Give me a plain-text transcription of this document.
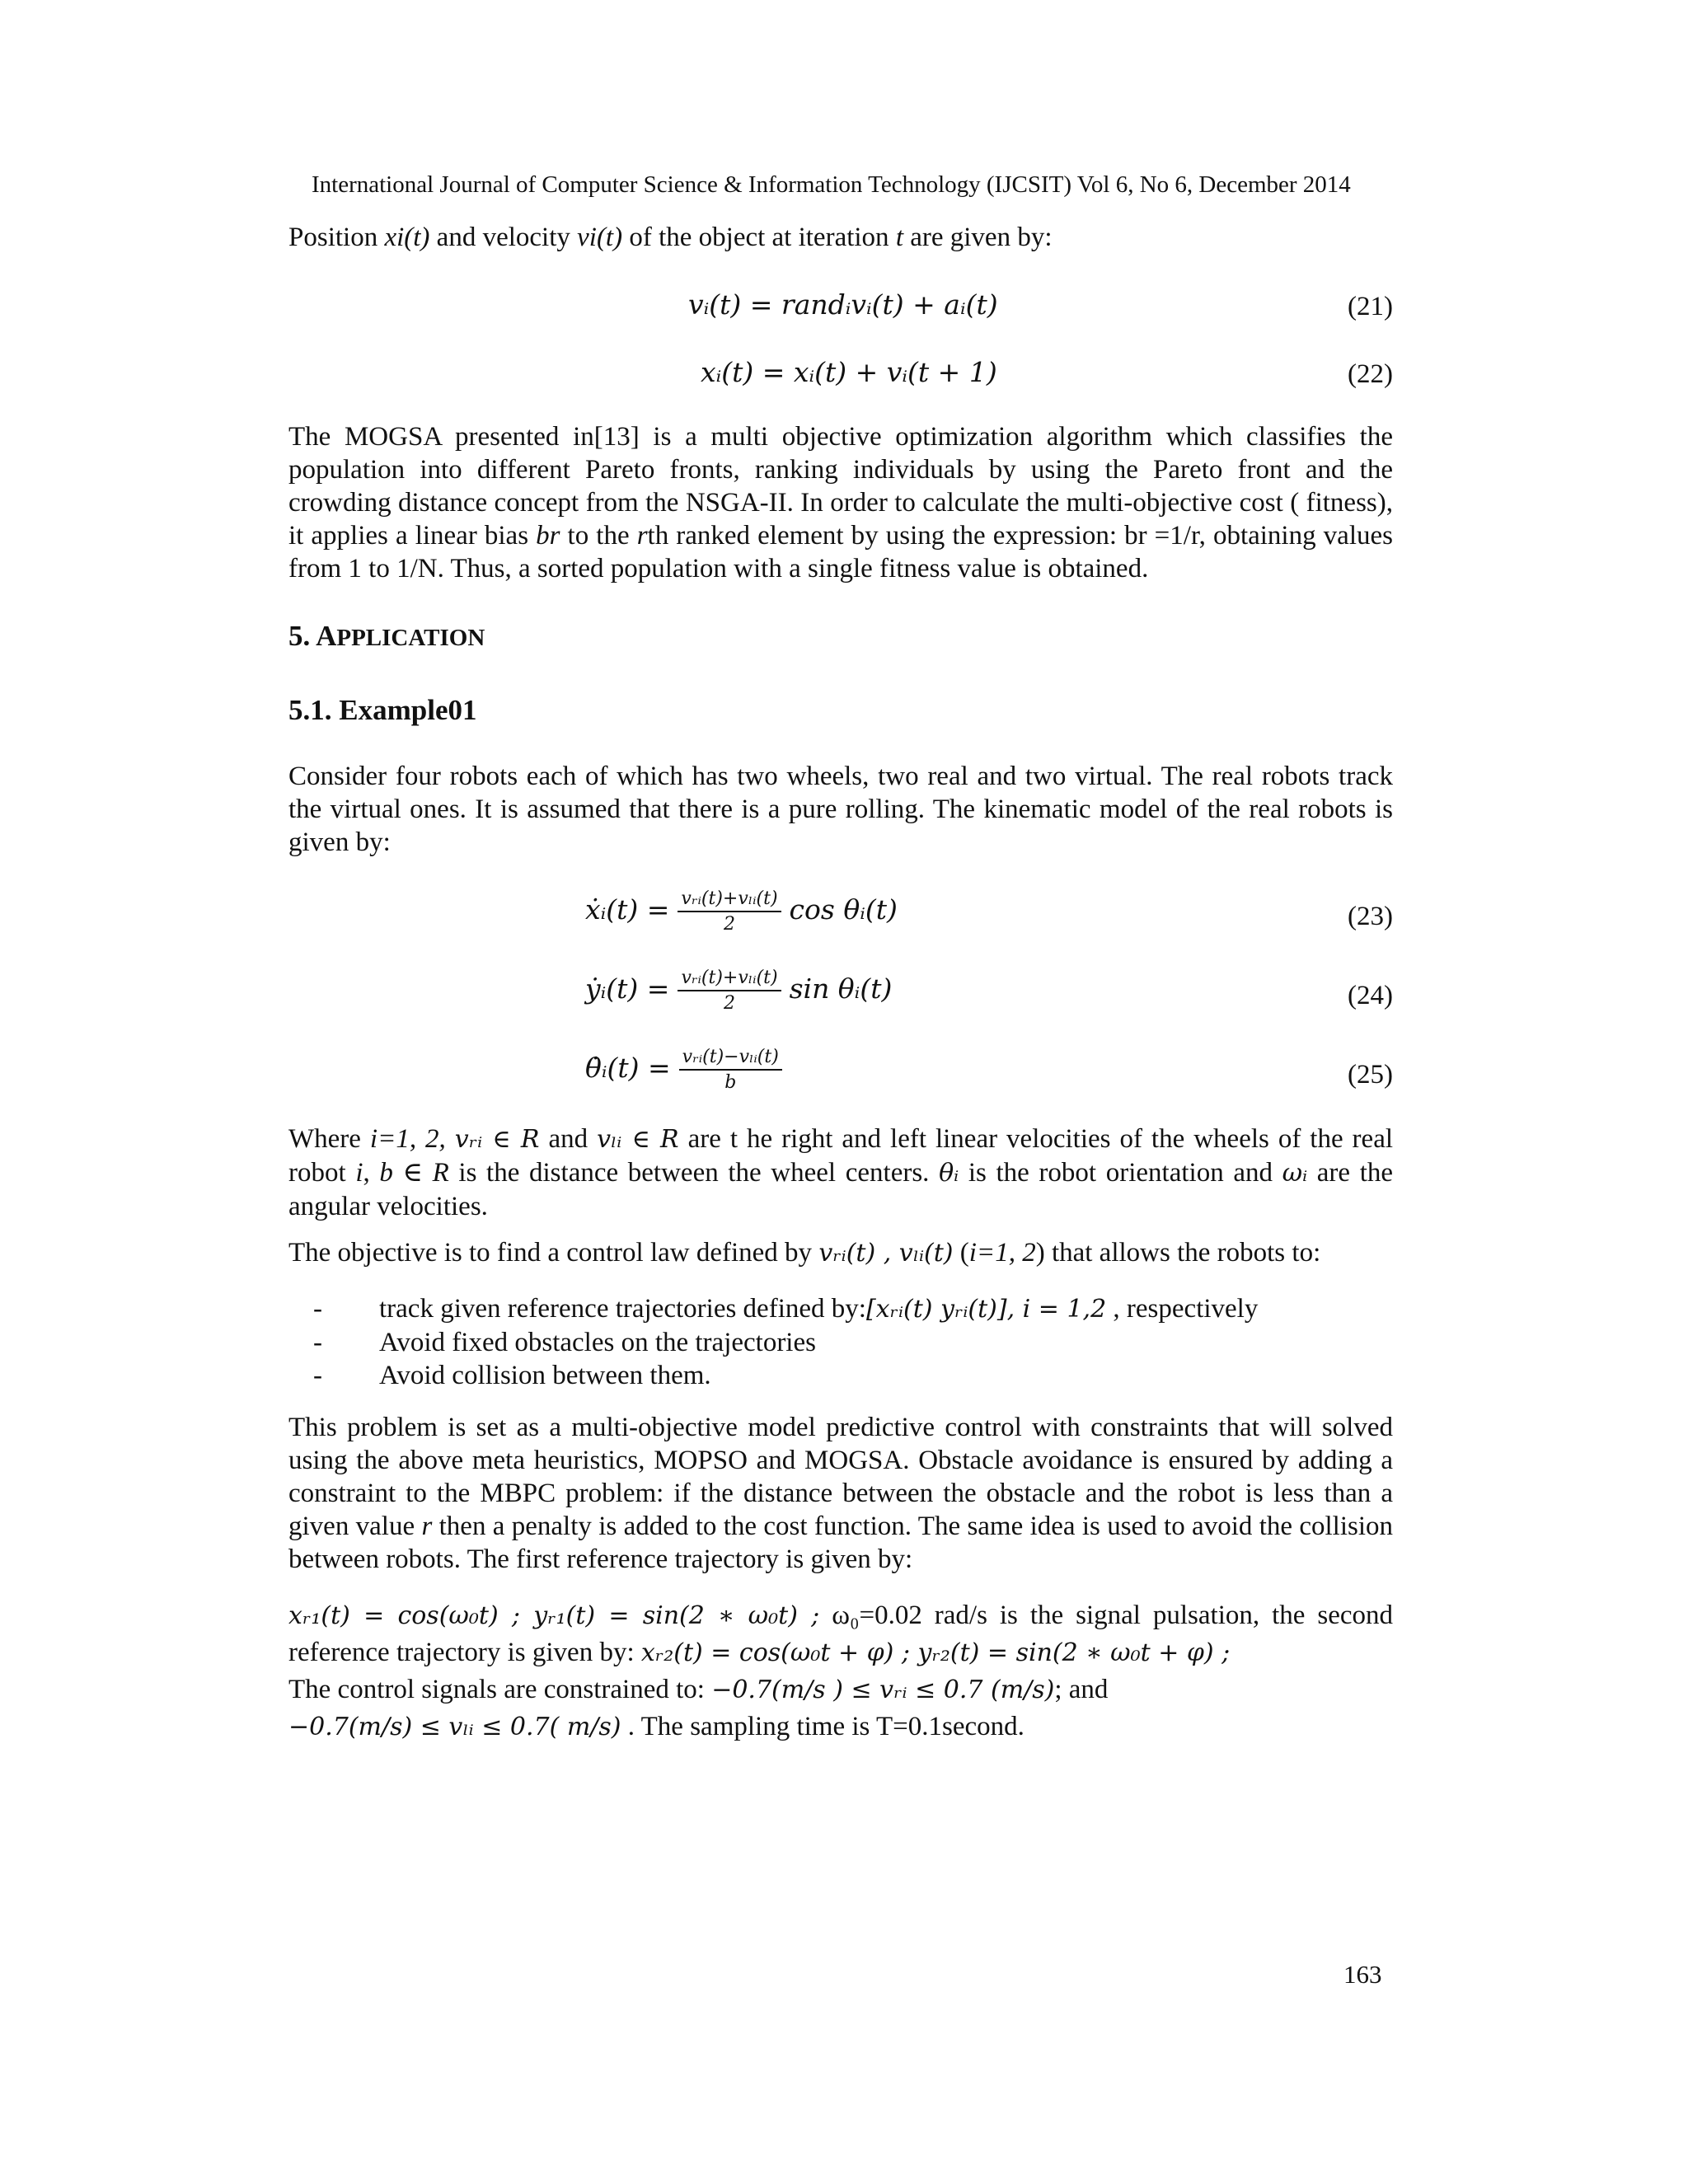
International Journal of Computer Science & Information Technology (IJCSIT) Vol 6, No 6, December 2014
Position xi(t) and velocity vi(t) of the object at iteration t are given by:
vᵢ(t) = randᵢvᵢ(t) + aᵢ(t)	(21)
xᵢ(t) = xᵢ(t) + vᵢ(t + 1)	(22)
The MOGSA presented in[13] is a multi objective optimization algorithm which classifies the population into different Pareto fronts, ranking individuals by using the Pareto front and the crowding distance concept from the NSGA-II. In order to calculate the multi-objective cost ( fitness), it applies a linear bias br to the rth ranked element by using the expression: br =1/r, obtaining values from 1 to 1/N. Thus, a sorted population with a single fitness value is obtained.
5. APPLICATION
5.1. Example01
Consider four robots each of which has two wheels, two real and two virtual. The real robots track the virtual ones. It is assumed that there is a pure rolling. The kinematic model of the real robots is given by:
ẋᵢ(t) = $\frac{\text{vᵣᵢ(t)+vₗᵢ(t)}}{2}$ cos θᵢ(t)	(23)
ẏᵢ(t) = $\frac{\text{vᵣᵢ(t)+vₗᵢ(t)}}{2}$ sin θᵢ(t)	(24)
θ̇ᵢ(t) = $\frac{\text{vᵣᵢ(t)−vₗᵢ(t)}}{b}$	(25)
Where i=1, 2, vᵣᵢ ∈ R and vₗᵢ ∈ R are t he right and left linear velocities of the wheels of the real robot i, b ∈ R is the distance between the wheel centers. θᵢ is the robot orientation and ωᵢ are the angular velocities.
The objective is to find a control law defined by vᵣᵢ(t) , vₗᵢ(t) (i=1, 2) that allows the robots to:
- track given reference trajectories defined by:[xᵣᵢ(t) yᵣᵢ(t)], i = 1,2 , respectively
- Avoid fixed obstacles on the trajectories
- Avoid collision between them.
This problem is set as a multi-objective model predictive control with constraints that will solved using the above meta heuristics, MOPSO and MOGSA. Obstacle avoidance is ensured by adding a constraint to the MBPC problem: if the distance between the obstacle and the robot is less than a given value r then a penalty is added to the cost function. The same idea is used to avoid the collision between robots. The first reference trajectory is given by:
xᵣ₁(t) = cos(ω₀t) ; yᵣ₁(t) = sin(2 ∗ ω₀t) ; ω₀=0.02 rad/s is the signal pulsation, the second reference trajectory is given by: xᵣ₂(t) = cos(ω₀t + φ) ; yᵣ₂(t) = sin(2 ∗ ω₀t + φ) ;
The control signals are constrained to: −0.7(m/s ) ≤ vᵣᵢ ≤ 0.7 (m/s); and
−0.7(m/s) ≤ vₗᵢ ≤ 0.7( m/s) . The sampling time is T=0.1second.
163
